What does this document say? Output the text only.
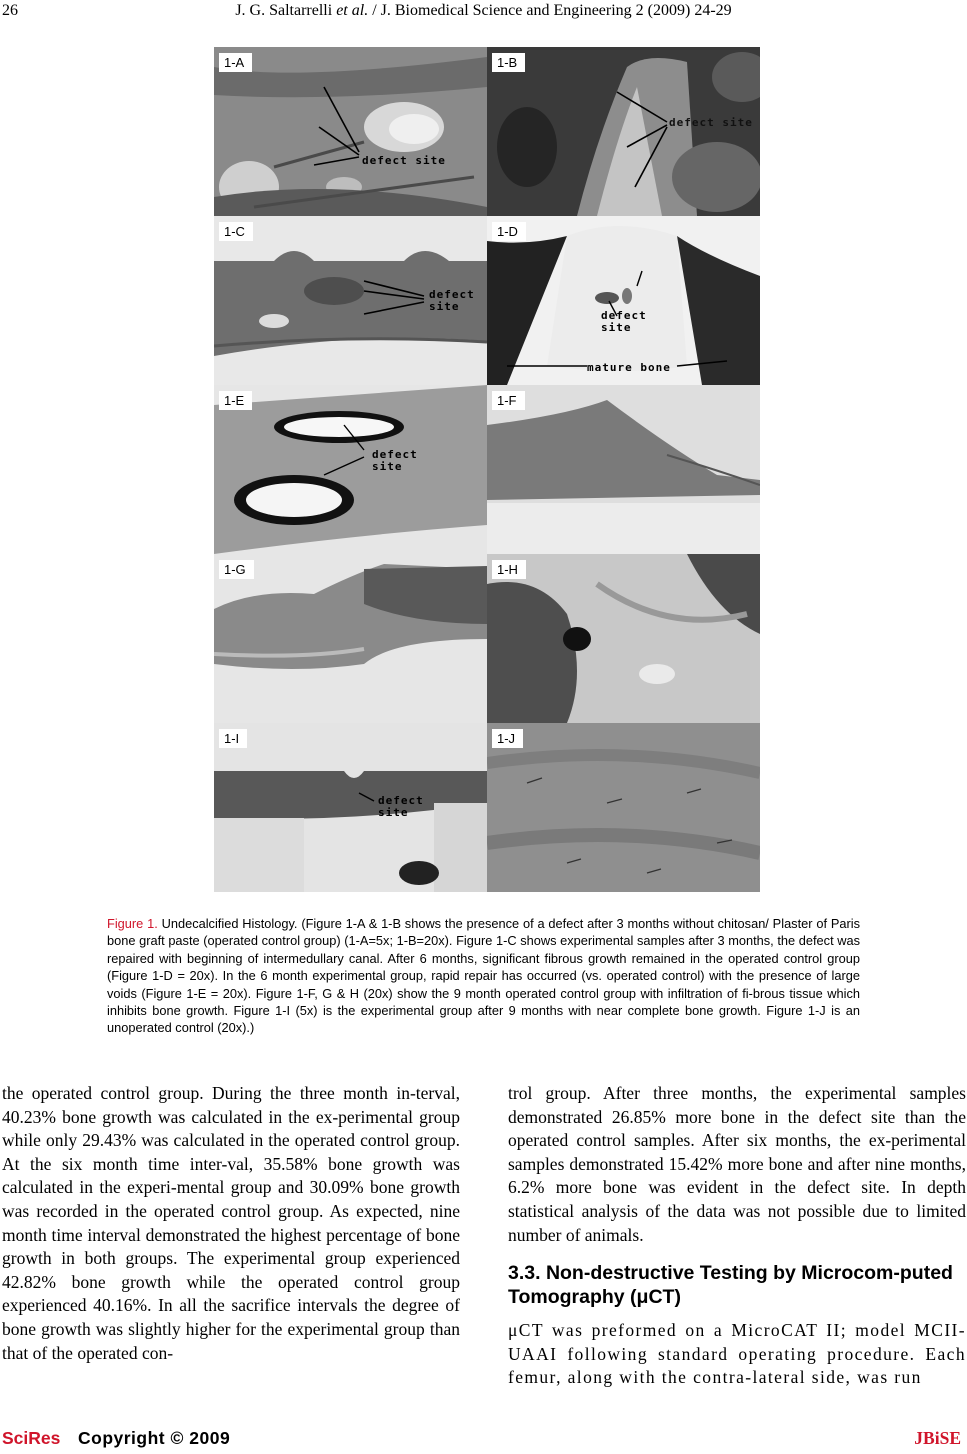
26	J. G. Saltarrelli et al. / J. Biomedical Science and Engineering 2 (2009) 24-29
1-A
defect site
1-B
defect site
1-C
defect
site
1-D
defect
site
mature bone
1-E
defect
site
1-F
1-G	1-H
1-I
defect
site
1-J
Figure 1. Undecalcified Histology. (Figure 1-A & 1-B shows the presence of a defect after 3 months without chitosan/ Plaster of Paris bone graft paste (operated control group) (1-A=5x; 1-B=20x). Figure 1-C shows experimental samples after 3 months, the defect was repaired with beginning of intermedullary canal. After 6 months, significant fibrous growth remained in the operated control group (Figure 1-D = 20x). In the 6 month experimental group, rapid repair has occurred (vs. operated control) with the presence of large voids (Figure 1-E = 20x). Figure 1-F, G & H (20x) show the 9 month operated control group with infiltration of fi-brous tissue which inhibits bone growth. Figure 1-I (5x) is the experimental group after 9 months with near complete bone growth. Figure 1-J is an unoperated control (20x).)

the operated control group. During the three month in-terval, 40.23% bone growth was calculated in the ex-perimental group while only 29.43% was calculated in the operated control group. At the six month time inter-val, 35.58% bone growth was calculated in the experi-mental group and 30.09% bone growth was recorded in the operated control group. As expected, nine month time interval demonstrated the highest percentage of bone growth in both groups. The experimental group experienced 42.82% bone growth while the operated control group experienced 40.16%. In all the sacrifice intervals the degree of bone growth was slightly higher for the experimental group than that of the operated con-

trol group. After three months, the experimental samples demonstrated 26.85% more bone in the defect site than the operated control samples. After six months, the ex-perimental samples demonstrated 15.42% more bone and after nine months, 6.2% more bone was evident in the defect site. In depth statistical analysis of the data was not possible due to limited number of animals.

3.3. Non-destructive Testing by Microcom-puted Tomography (μCT)

μCT was preformed on a MicroCAT II; model MCII-UAAI following standard operating procedure. Each femur, along with the contra-lateral side, was run

SciRes Copyright © 2009	JBiSE
